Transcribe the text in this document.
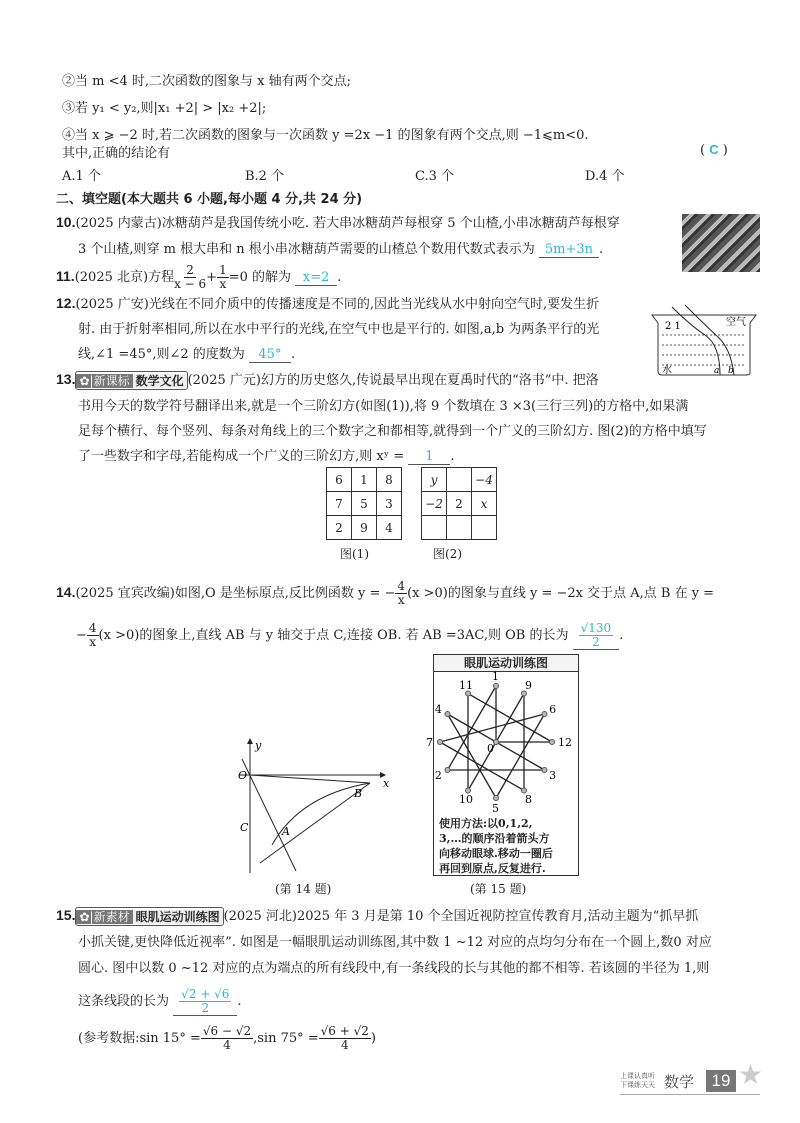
②当 m <4 时,二次函数的图象与 x 轴有两个交点;
③若 y₁ < y₂,则|x₁ +2| > |x₂ +2|;
④当 x ⩾ −2 时,若二次函数的图象与一次函数 y =2x −1 的图象有两个交点,则 −1⩽m<0.
其中,正确的结论有	( C )
A.1 个	B.2 个	C.3 个	D.4 个
二、填空题(本大题共 6 小题,每小题 4 分,共 24 分)
10.(2025 内蒙古)冰糖葫芦是我国传统小吃. 若大串冰糖葫芦每根穿 5 个山楂,小串冰糖葫芦每根穿
3 个山楂,则穿 m 根大串和 n 根小串冰糖葫芦需要的山楂总个数用代数式表示为 5m+3n .
11.(2025 北京)方程 $\frac{2}{x - 6} + \frac{1}{x} =0$ 的解为 x=2 .
12.(2025 广安)光线在不同介质中的传播速度是不同的,因此当光线从水中射向空气时,要发生折
射. 由于折射率相同,所以在水中平行的光线,在空气中也是平行的. 如图,a,b 为两条平行的光
线,∠1 =45°,则∠2 的度数为 45° .
2 1	空气
水	a b
13. ✿|新课标 数学文化 (2025 广元)幻方的历史悠久,传说最早出现在夏禹时代的“洛书”中. 把洛
书用今天的数学符号翻译出来,就是一个三阶幻方(如图(1)),将 9 个数填在 3 ×3(三行三列)的方格中,如果满
足每个横行、每个竖列、每条对角线上的三个数字之和都相等,就得到一个广义的三阶幻方. 图(2)的方格中填写
了一些数字和字母,若能构成一个广义的三阶幻方,则 xʸ = 1 .
6	1	8
7	5	3
2	9	4
y		−4
−2	2	x

图(1)	图(2)
14.(2025 宜宾改编)如图,O 是坐标原点,反比例函数 y = − $\frac{4}{x} (x >0)$的图象与直线 y = −2x 交于点 A,点 B 在 y =
− $\frac{4}{x} (x >0)$的图象上,直线 AB 与 y 轴交于点 C,连接 OB. 若 AB =3AC,则 OB 的长为 $\frac{√130}{2}$ .
O
x
y
A
B
C
(第 14 题)
眼肌运动训练图
0
1
2	3
4
5
6
7
8
9
10
11
12
使用方法:以0,1,2,
3,…的顺序沿着箭头方
向移动眼球.移动一圈后
再回到原点,反复进行.
(第 15 题)
15. ✿|新素材 眼肌运动训练图 (2025 河北)2025 年 3 月是第 10 个全国近视防控宣传教育月,活动主题为“抓早抓
小抓关键,更快降低近视率”. 如图是一幅眼肌运动训练图,其中数 1 ~12 对应的点均匀分布在一个圆上,数0 对应
圆心. 图中以数 0 ~12 对应的点为端点的所有线段中,有一条线段的长与其他的都不相等. 若该圆的半径为 1,则
这条线段的长为 $\frac{√2 + √6}{2}$ .
(参考数据:sin $15^\circ = \frac{√6 - √2}{4} ,\sin$ $75^\circ = \frac{√6 + √2}{4}$ )
上课认真听
下课练天天 数学	19 ★
